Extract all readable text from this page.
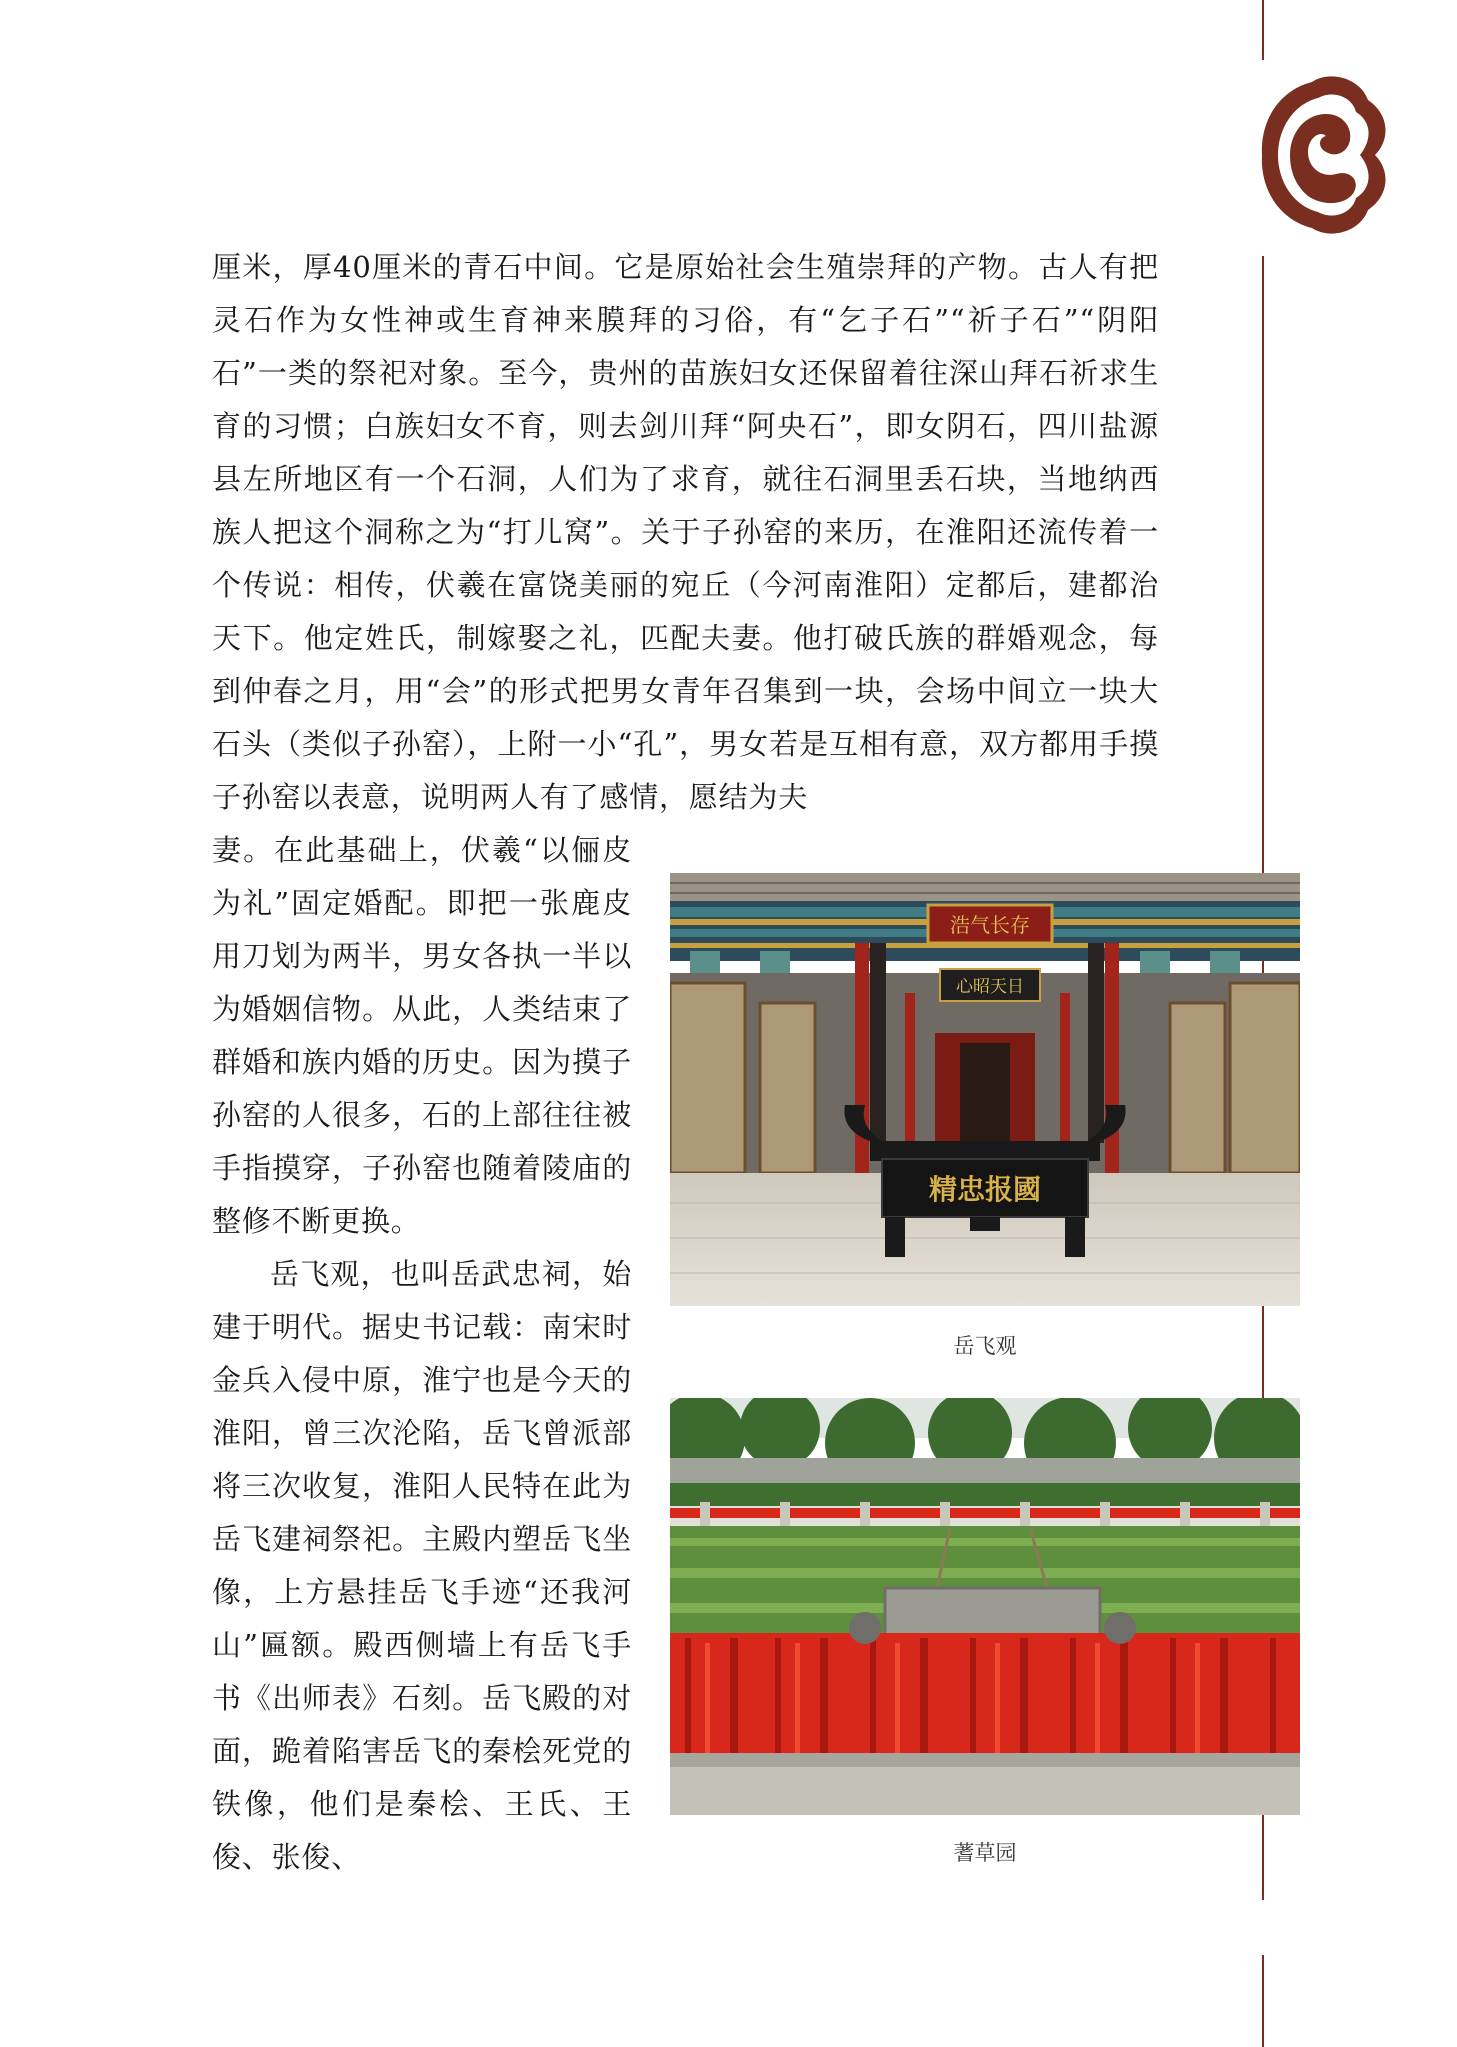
厘米，厚40厘米的青石中间。它是原始社会生殖崇拜的产物。古人有把灵石作为女性神或生育神来膜拜的习俗，有“乞子石”“祈子石”“阴阳石”一类的祭祀对象。至今，贵州的苗族妇女还保留着往深山拜石祈求生育的习惯；白族妇女不育，则去剑川拜“阿央石”，即女阴石，四川盐源县左所地区有一个石洞，人们为了求育，就往石洞里丢石块，当地纳西族人把这个洞称之为“打儿窝”。关于子孙窑的来历，在淮阳还流传着一个传说：相传，伏羲在富饶美丽的宛丘（今河南淮阳）定都后，建都治天下。他定姓氏，制嫁娶之礼，匹配夫妻。他打破氏族的群婚观念，每到仲春之月，用“会”的形式把男女青年召集到一块，会场中间立一块大石头（类似子孙窑），上附一小“孔”，男女若是互相有意，双方都用手摸子孙窑以表意，说明两人有了感情，愿结为夫

妻。在此基础上，伏羲“以俪皮为礼”固定婚配。即把一张鹿皮用刀划为两半，男女各执一半以为婚姻信物。从此，人类结束了群婚和族内婚的历史。因为摸子孙窑的人很多，石的上部往往被手指摸穿，子孙窑也随着陵庙的整修不断更换。
岳飞观，也叫岳武忠祠，始建于明代。据史书记载：南宋时金兵入侵中原，淮宁也是今天的淮阳，曾三次沦陷，岳飞曾派部将三次收复，淮阳人民特在此为岳飞建祠祭祀。主殿内塑岳飞坐像，上方悬挂岳飞手迹“还我河山”匾额。殿西侧墙上有岳飞手书《出师表》石刻。岳飞殿的对面，跪着陷害岳飞的秦桧死党的铁像，他们是秦桧、王氏、王俊、张俊、
浩气长存
心昭天日
精忠报國
岳飞观
蓍草园
